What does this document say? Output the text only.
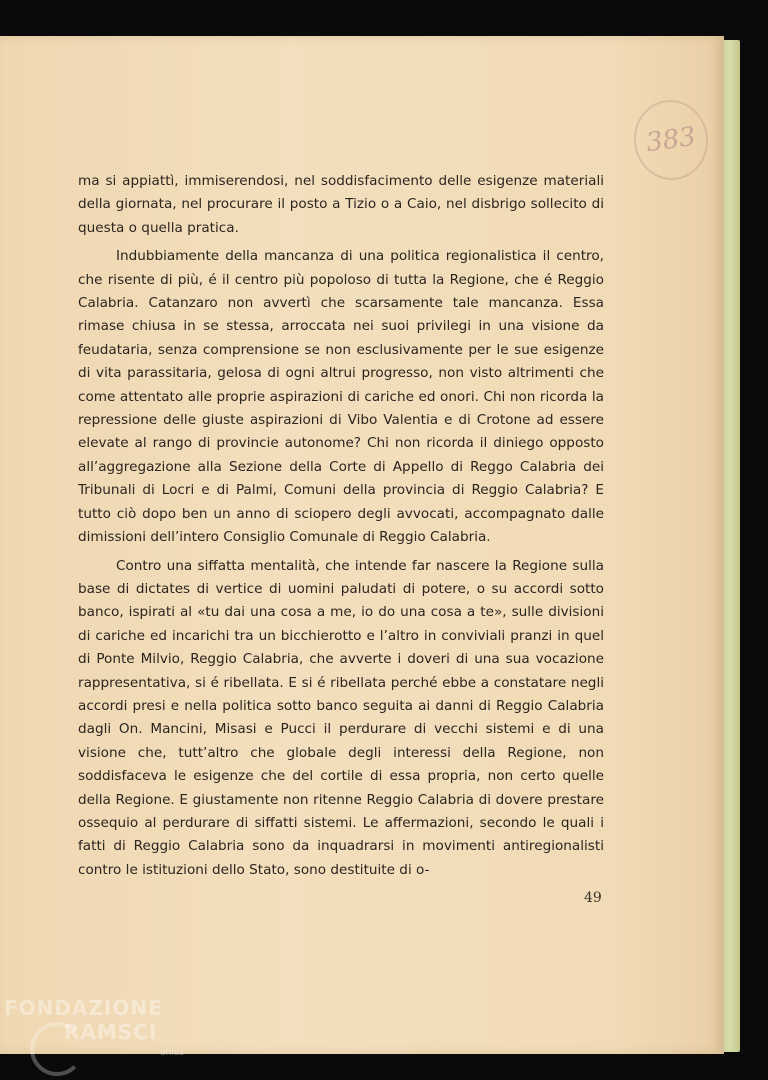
383

ma si appiattì, immiserendosi, nel soddisfacimento delle esigenze materiali della giornata, nel procurare il posto a Tizio o a Caio, nel disbrigo sollecito di questa o quella pratica.

Indubbiamente della mancanza di una politica regionalistica il centro, che risente di più, é il centro più popoloso di tutta la Regione, che é Reggio Calabria. Catanzaro non avvertì che scarsamente tale mancanza. Essa rimase chiusa in se stessa, arroccata nei suoi privilegi in una visione da feudataria, senza comprensione se non esclusivamente per le sue esigenze di vita parassitaria, gelosa di ogni altrui progresso, non visto altrimenti che come attentato alle proprie aspirazioni di cariche ed onori. Chi non ricorda la repressione delle giuste aspirazioni di Vibo Valentia e di Crotone ad essere elevate al rango di provincie autonome? Chi non ricorda il diniego opposto all’aggregazione alla Sezione della Corte di Appello di Reggo Calabria dei Tribunali di Locri e di Palmi, Comuni della provincia di Reggio Calabria? E tutto ciò dopo ben un anno di sciopero degli avvocati, accompagnato dalle dimissioni dell’intero Consiglio Comunale di Reggio Calabria.

Contro una siffatta mentalità, che intende far nascere la Regione sulla base di dictates di vertice di uomini paludati di potere, o su accordi sotto banco, ispirati al «tu dai una cosa a me, io do una cosa a te», sulle divisioni di cariche ed incarichi tra un bicchierotto e l’altro in conviviali pranzi in quel di Ponte Milvio, Reggio Calabria, che avverte i doveri di una sua vocazione rappresentativa, si é ribellata. E si é ribellata perché ebbe a constatare negli accordi presi e nella politica sotto banco seguita ai danni di Reggio Calabria dagli On. Mancini, Misasi e Pucci il perdurare di vecchi sistemi e di una visione che, tutt’altro che globale degli interessi della Regione, non soddisfaceva le esigenze che del cortile di essa propria, non certo quelle della Regione. E giustamente non ritenne Reggio Calabria di dovere prestare ossequio al perdurare di siffatti sistemi. Le affermazioni, secondo le quali i fatti di Reggio Calabria sono da inquadrarsi in movimenti antiregionalisti contro le istituzioni dello Stato, sono destituite di o-

49
FONDAZIONE
RAMSCI
onlus
